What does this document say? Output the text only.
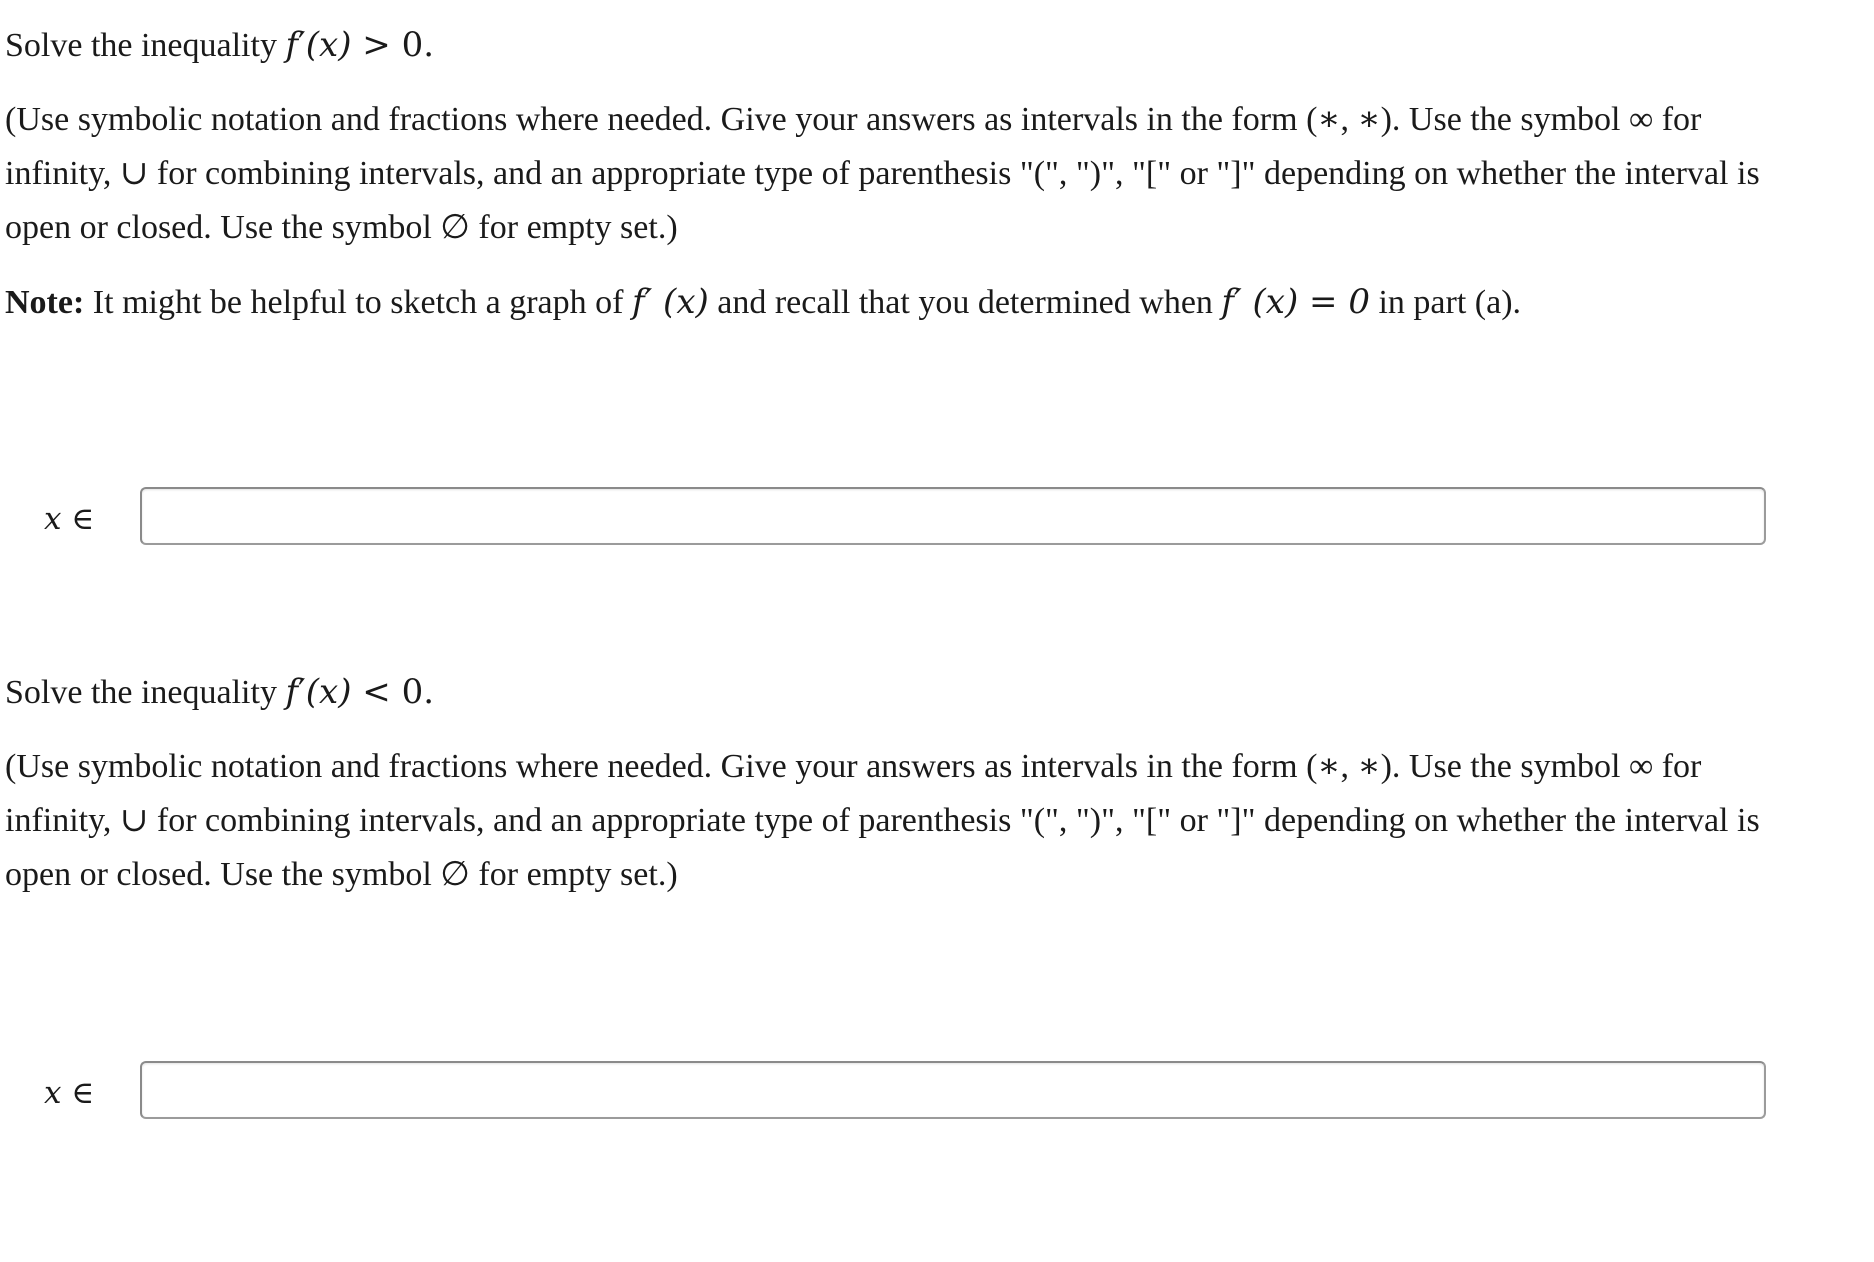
Solve the inequality f′(x) > 0.

(Use symbolic notation and fractions where needed. Give your answers as intervals in the form (∗, ∗). Use the symbol ∞ for
infinity, ∪ for combining intervals, and an appropriate type of parenthesis "(", ")", "[" or "]" depending on whether the interval is
open or closed. Use the symbol ∅ for empty set.)

Note: It might be helpful to sketch a graph of f′ (x) and recall that you determined when f′ (x) = 0 in part (a).

x ∈

Solve the inequality f′(x) < 0.

(Use symbolic notation and fractions where needed. Give your answers as intervals in the form (∗, ∗). Use the symbol ∞ for
infinity, ∪ for combining intervals, and an appropriate type of parenthesis "(", ")", "[" or "]" depending on whether the interval is
open or closed. Use the symbol ∅ for empty set.)
x ∈
